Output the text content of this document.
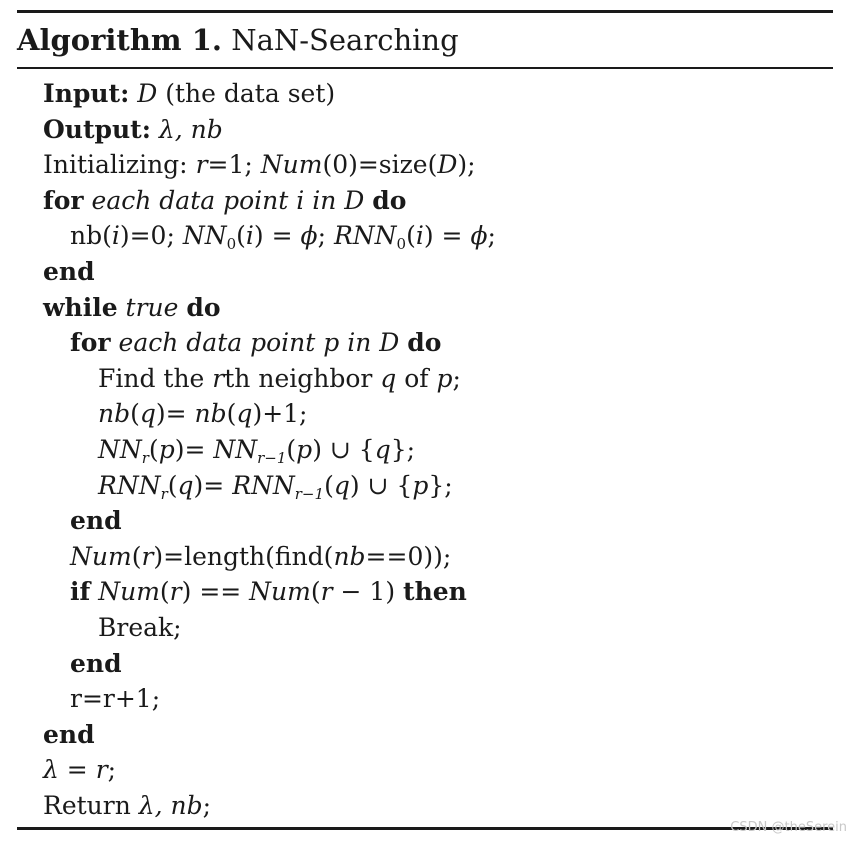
Algorithm 1. NaN-Searching
Input: D (the data set)
Output: λ, nb
Initializing: r=1; Num(0)=size(D);
for each data point i in D do
nb(i)=0; $NN_0(i) = \phi$; $RNN_0(i) = \phi$;
end
while true do
for each data point p in D do
Find the rth neighbor q of p;
nb(q)= nb(q)+1;
$NN_r(p)= NN_{r-1}(p)$ ∪ {q};
$RNN_r(q)= RNN_{r-1}(q)$ ∪ {p};
end
Num(r)=length(find(nb==0));
if Num(r) == Num(r − 1) then
Break;
end
r=r+1;
end
λ = r;
Return λ, nb;
CSDN @theSerein
